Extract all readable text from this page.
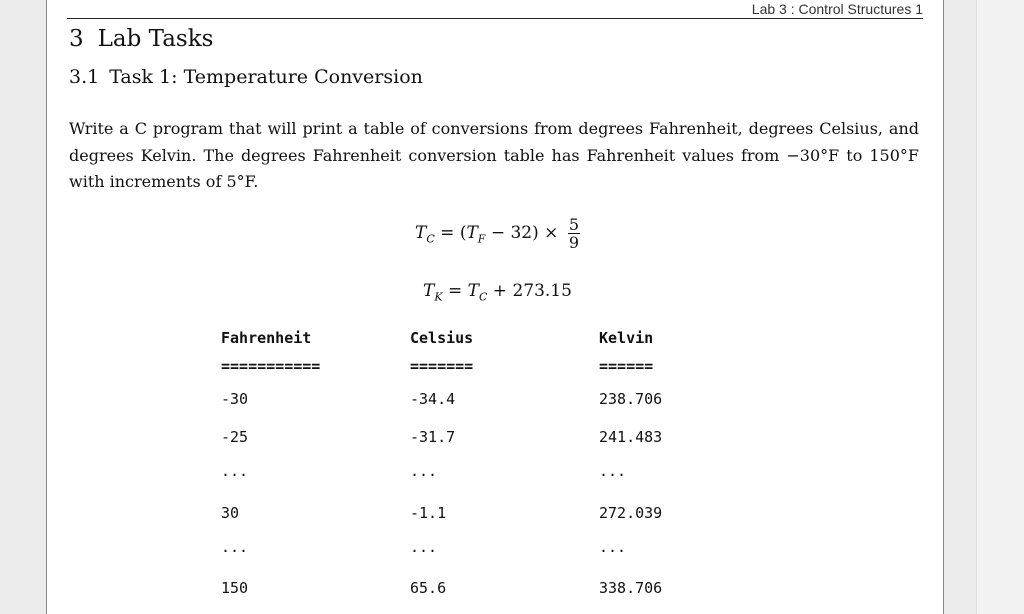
Lab 3 : Control Structures 1
3 Lab Tasks
3.1 Task 1: Temperature Conversion

Write a C program that will print a table of conversions from degrees Fahrenheit, degrees Celsius, and degrees Kelvin. The degrees Fahrenheit conversion table has Fahrenheit values from −30°F to 150°F with increments of 5°F.

$T_C = (T_F - 32) \times \frac{5}{9}$
$T_K = T_C + 273.15$
Fahrenheit	Celsius	Kelvin
===========	=======	======
-30	-34.4	238.706
-25	-31.7	241.483
...	...	...
30	-1.1	272.039
...	...	...
150	65.6	338.706
